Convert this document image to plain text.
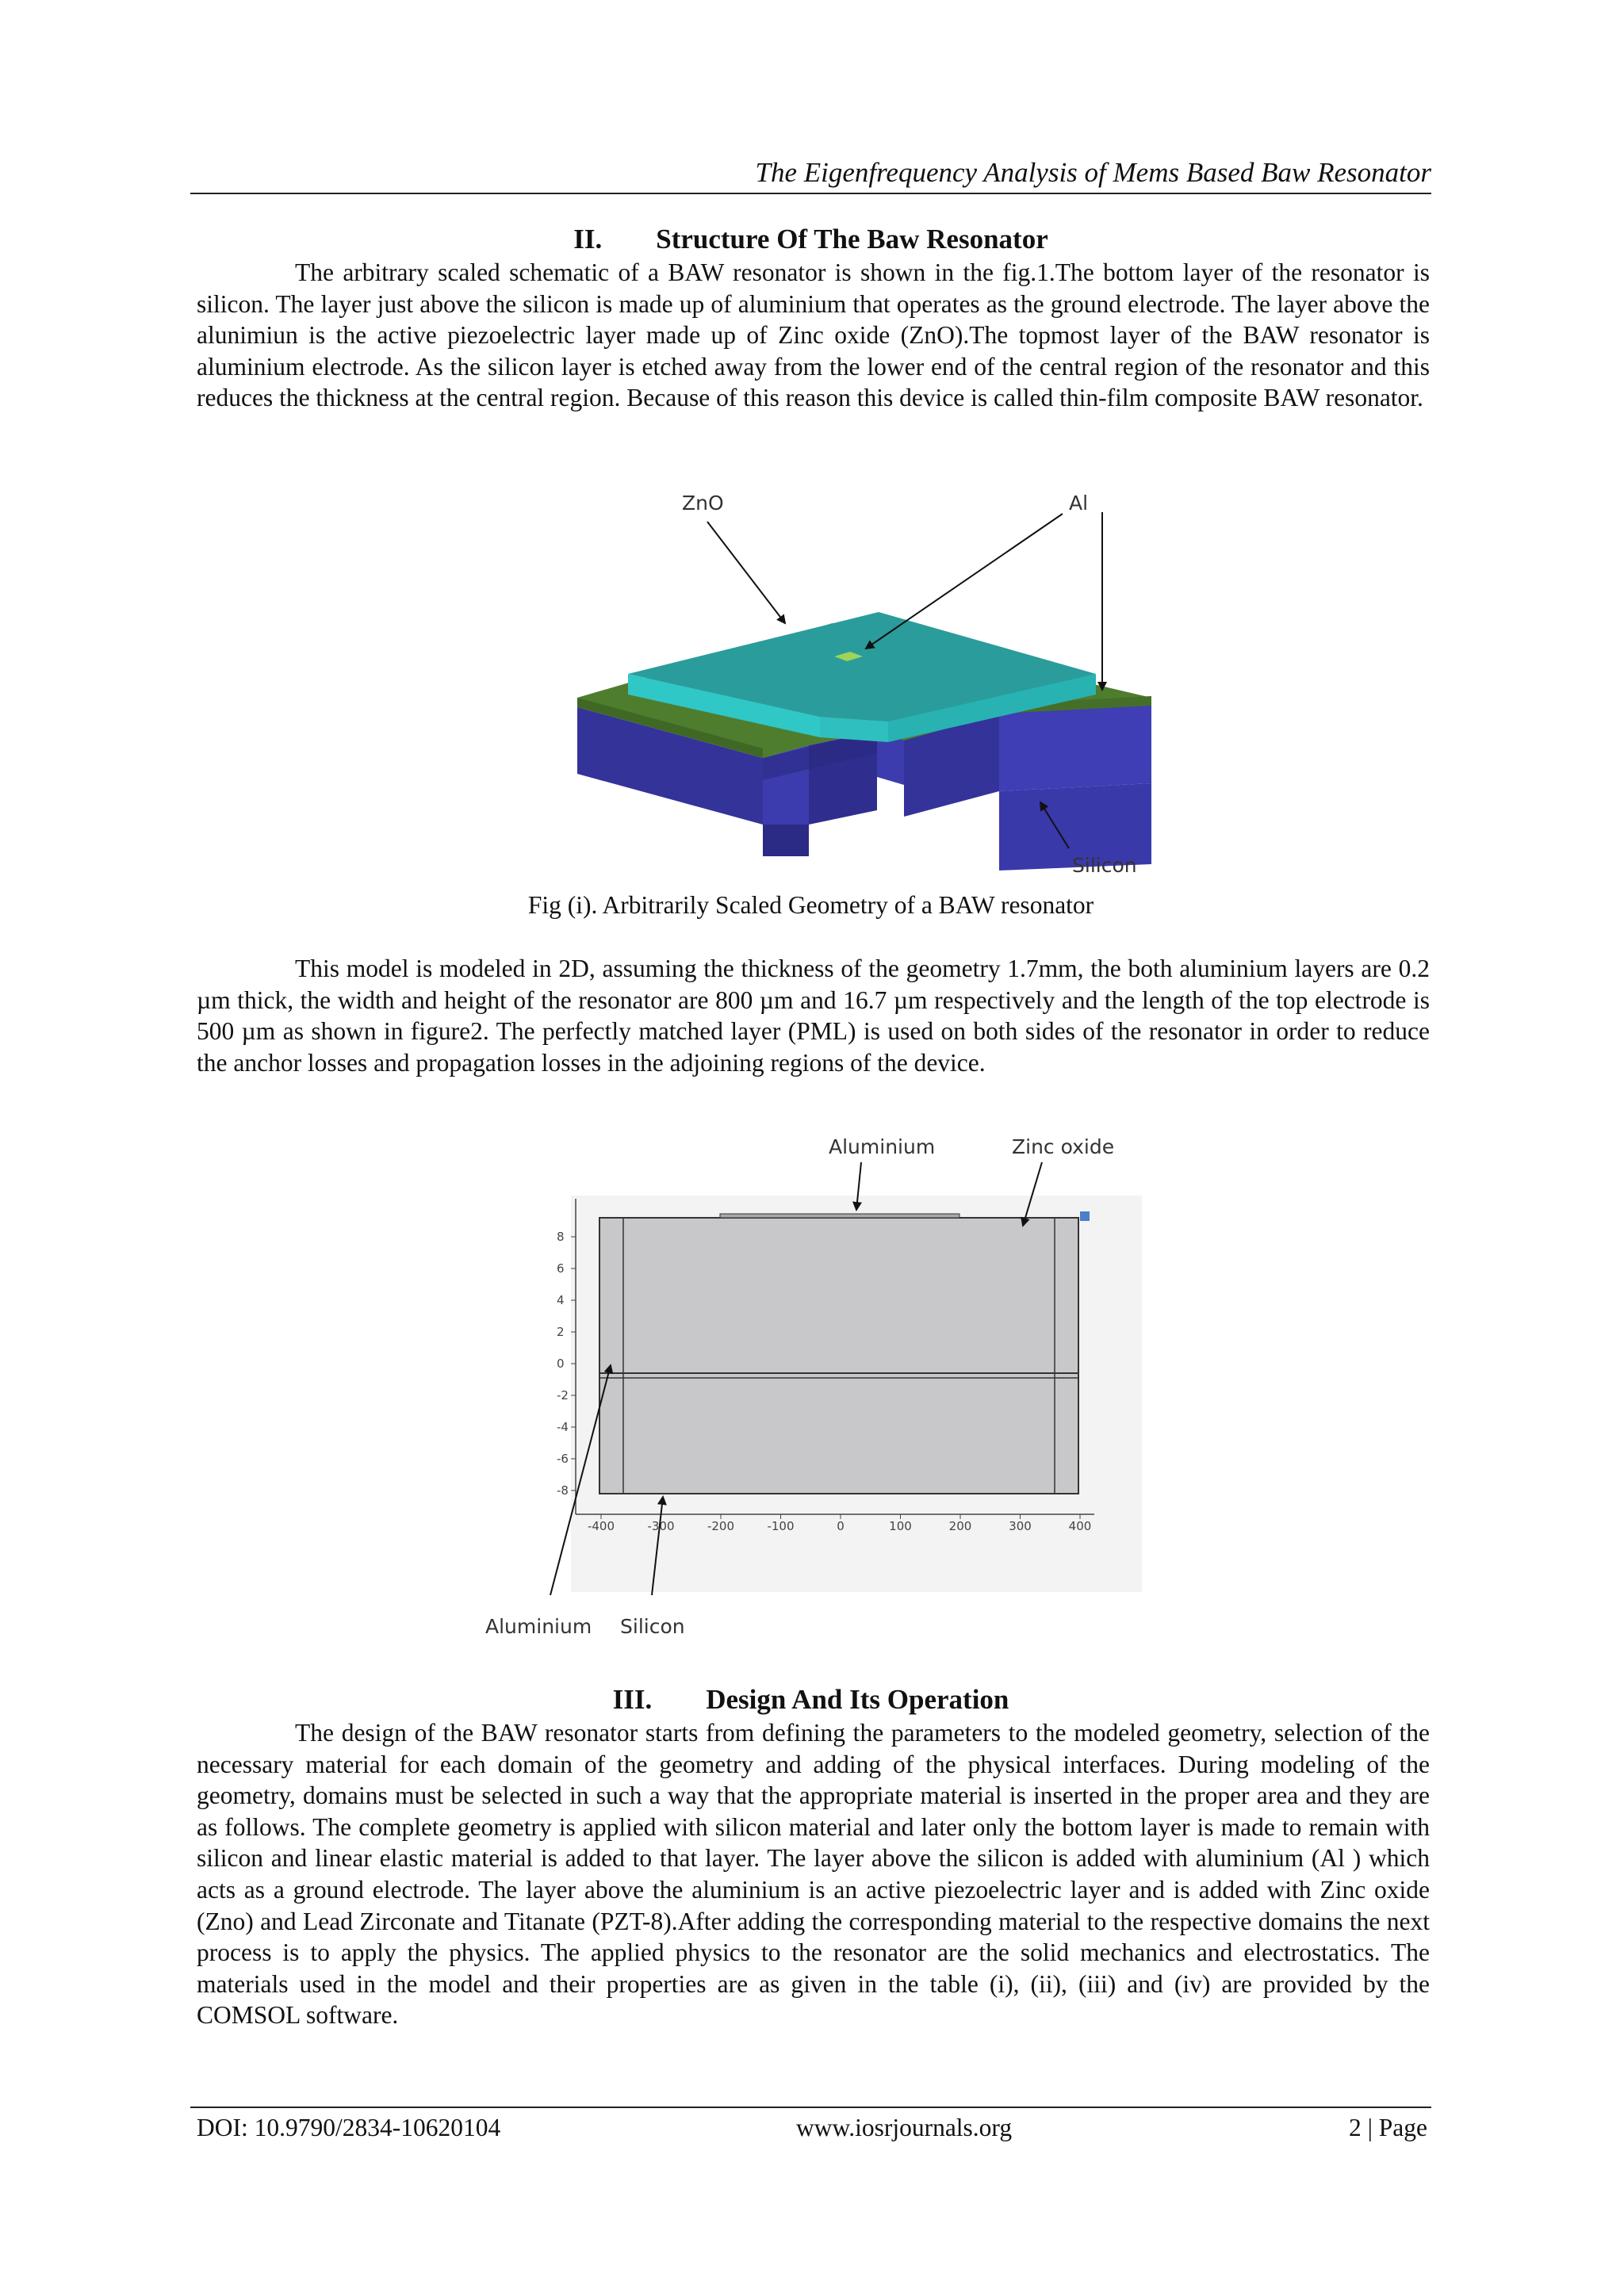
The Eigenfrequency Analysis of Mems Based Baw Resonator
II. Structure Of The Baw Resonator

The arbitrary scaled schematic of a BAW resonator is shown in the fig.1.The bottom layer of the resonator is silicon. The layer just above the silicon is made up of aluminium that operates as the ground electrode. The layer above the alunimiun is the active piezoelectric layer made up of Zinc oxide (ZnO).The topmost layer of the BAW resonator is aluminium electrode. As the silicon layer is etched away from the lower end of the central region of the resonator and this reduces the thickness at the central region. Because of this reason this device is called thin-film composite BAW resonator.

ZnO	Al
Silicon
Fig (i). Arbitrarily Scaled Geometry of a BAW resonator

This model is modeled in 2D, assuming the thickness of the geometry 1.7mm, the both aluminium layers are 0.2 µm thick, the width and height of the resonator are 800 µm and 16.7 µm respectively and the length of the top electrode is 500 µm as shown in figure2. The perfectly matched layer (PML) is used on both sides of the resonator in order to reduce the anchor losses and propagation losses in the adjoining regions of the device.

8
6
4
2
0
-2
-4
-6
-8
-400	-300	-200	-100	0	100	200	300	400
Aluminium	Zinc oxide
Aluminium Silicon
III. Design And Its Operation

The design of the BAW resonator starts from defining the parameters to the modeled geometry, selection of the necessary material for each domain of the geometry and adding of the physical interfaces. During modeling of the geometry, domains must be selected in such a way that the appropriate material is inserted in the proper area and they are as follows. The complete geometry is applied with silicon material and later only the bottom layer is made to remain with silicon and linear elastic material is added to that layer. The layer above the silicon is added with aluminium (Al ) which acts as a ground electrode. The layer above the aluminium is an active piezoelectric layer and is added with Zinc oxide (Zno) and Lead Zirconate and Titanate (PZT-8).After adding the corresponding material to the respective domains the next process is to apply the physics. The applied physics to the resonator are the solid mechanics and electrostatics. The materials used in the model and their properties are as given in the table (i), (ii), (iii) and (iv) are provided by the COMSOL software.

DOI: 10.9790/2834-10620104	www.iosrjournals.org	2 | Page
